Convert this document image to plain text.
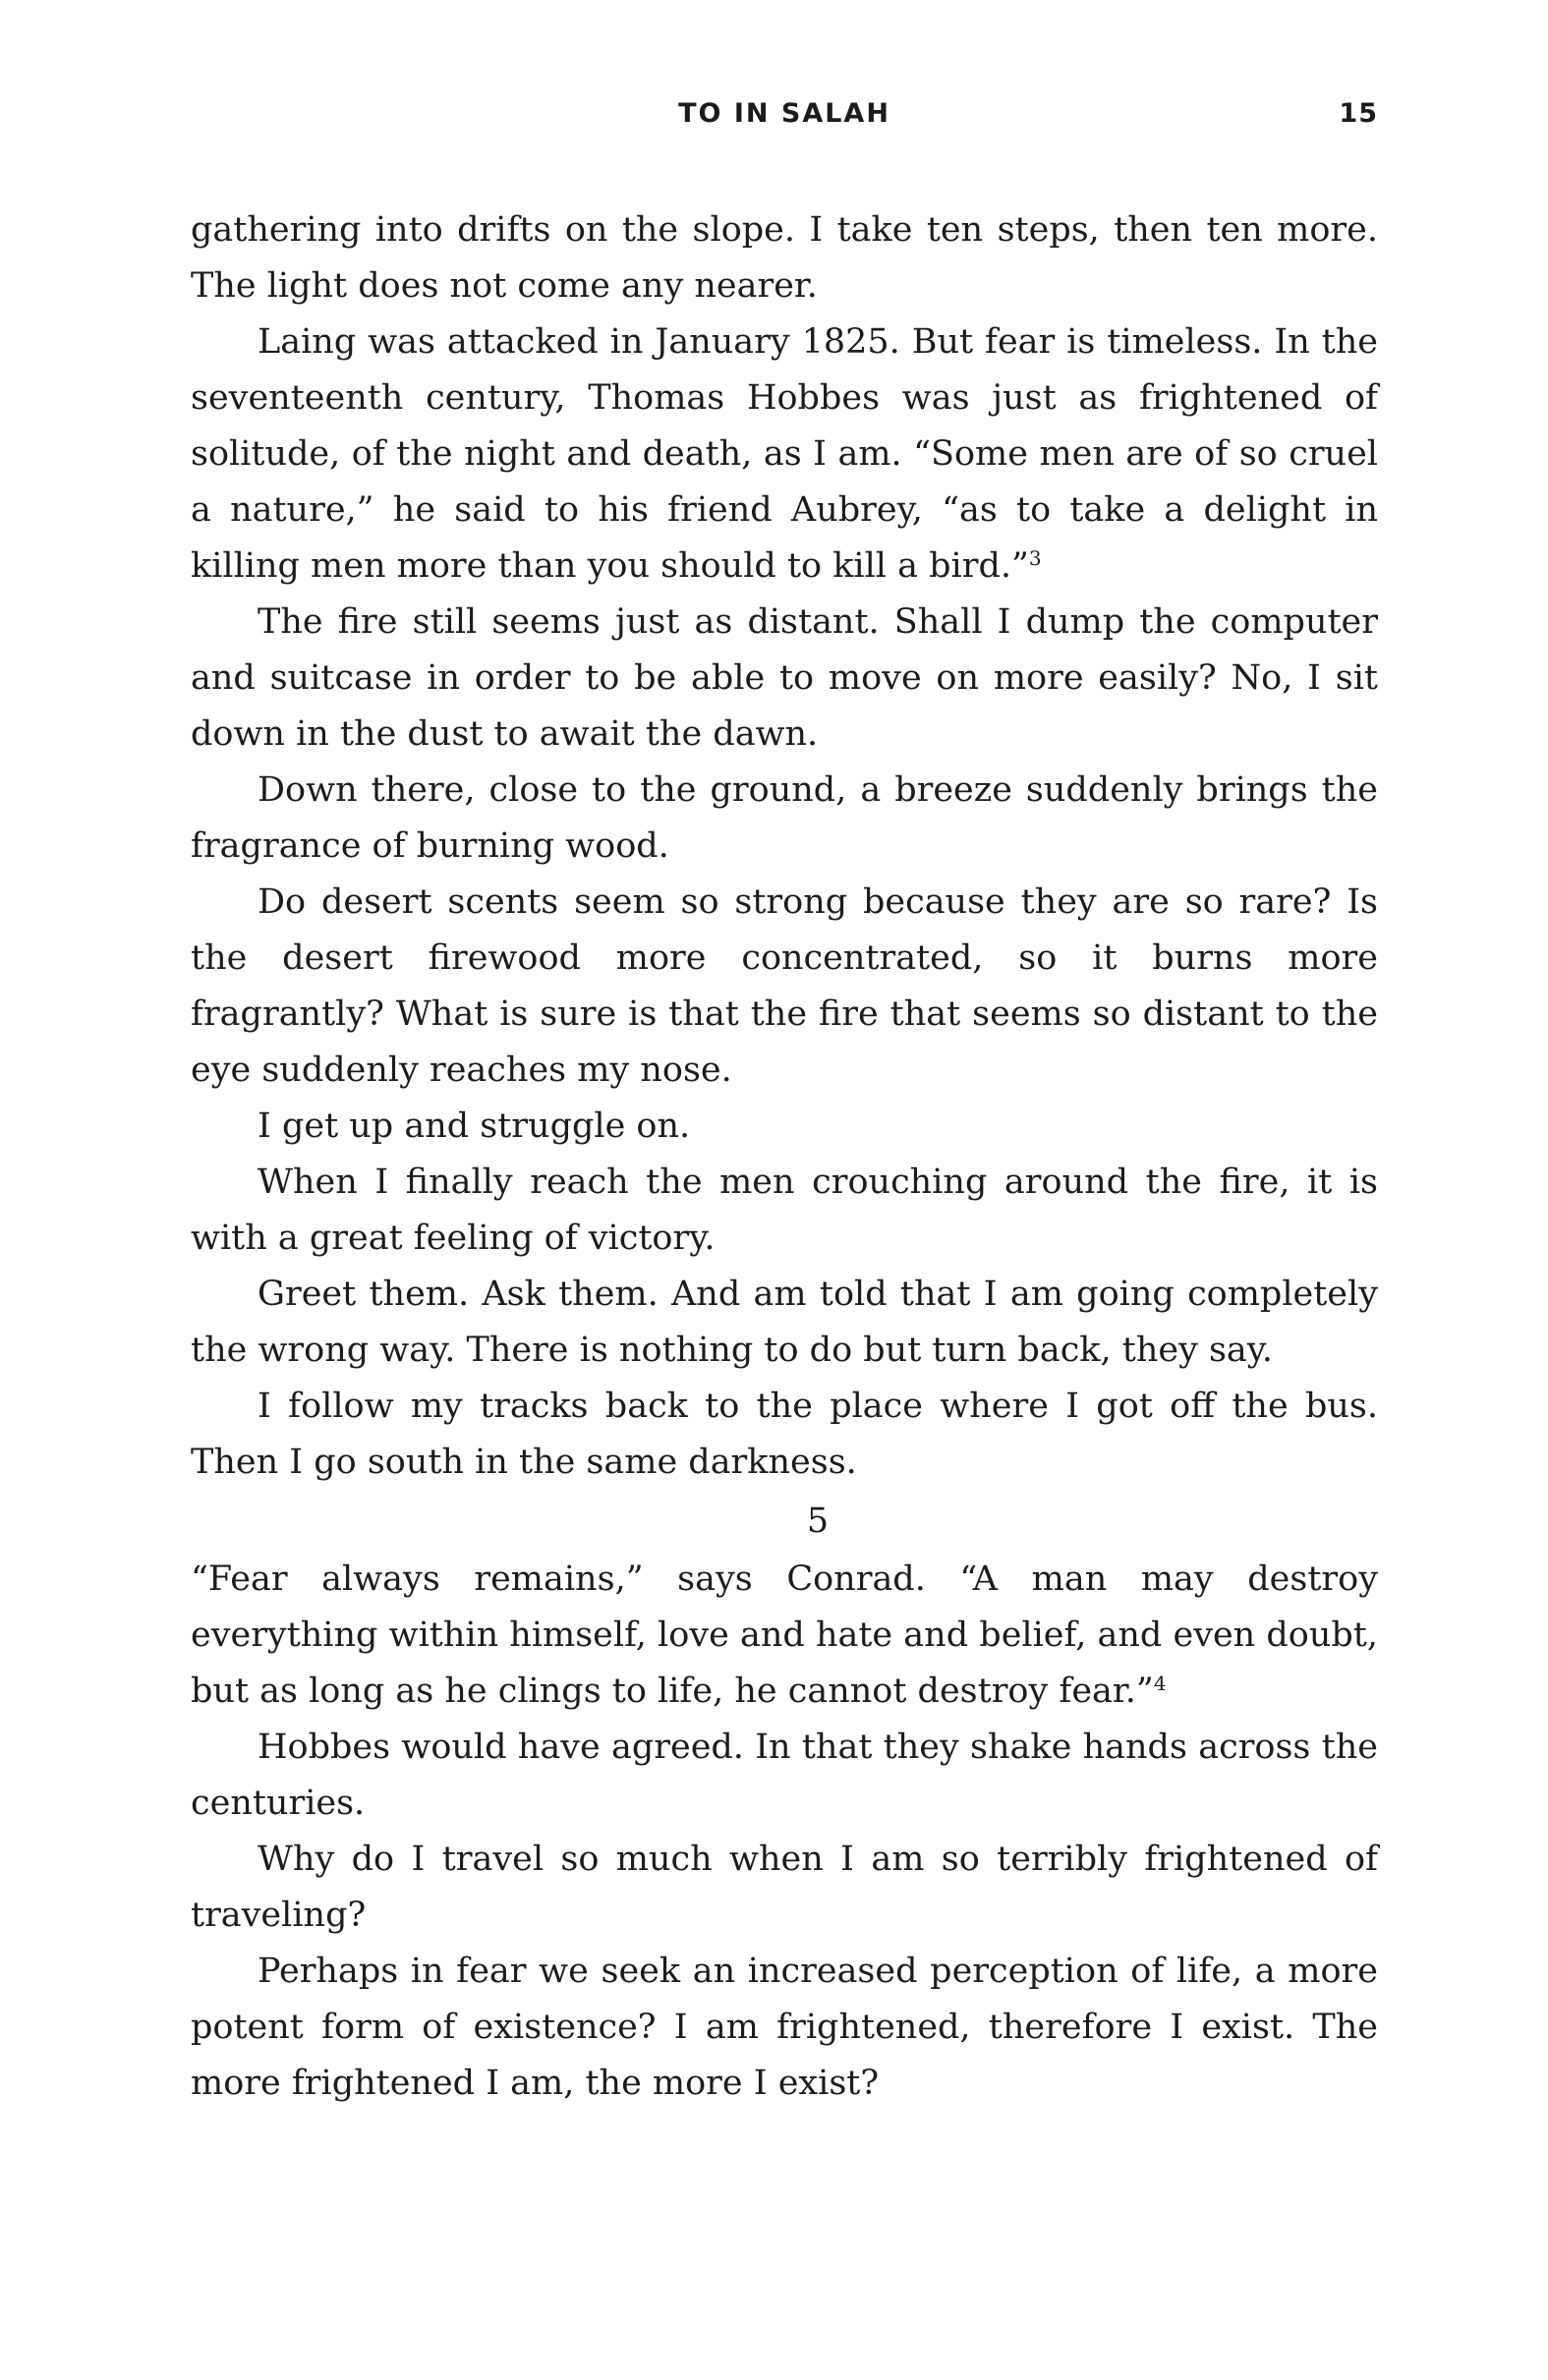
TO IN SALAH	15

gathering into drifts on the slope. I take ten steps, then ten more. The light does not come any nearer.

Laing was attacked in January 1825. But fear is timeless. In the seventeenth century, Thomas Hobbes was just as frightened of solitude, of the night and death, as I am. “Some men are of so cruel a nature,” he said to his friend Aubrey, “as to take a delight in killing men more than you should to kill a bird.”$^3$

The fire still seems just as distant. Shall I dump the computer and suitcase in order to be able to move on more easily? No, I sit down in the dust to await the dawn.

Down there, close to the ground, a breeze suddenly brings the fragrance of burning wood.

Do desert scents seem so strong because they are so rare? Is the desert firewood more concentrated, so it burns more fragrantly? What is sure is that the fire that seems so distant to the eye suddenly reaches my nose.

I get up and struggle on.

When I finally reach the men crouching around the fire, it is with a great feeling of victory.

Greet them. Ask them. And am told that I am going completely the wrong way. There is nothing to do but turn back, they say.

I follow my tracks back to the place where I got off the bus. Then I go south in the same darkness.

5

“Fear always remains,” says Conrad. “A man may destroy everything within himself, love and hate and belief, and even doubt, but as long as he clings to life, he cannot destroy fear.”$^4$

Hobbes would have agreed. In that they shake hands across the centuries.

Why do I travel so much when I am so terribly frightened of traveling?

Perhaps in fear we seek an increased perception of life, a more potent form of existence? I am frightened, therefore I exist. The more frightened I am, the more I exist?
